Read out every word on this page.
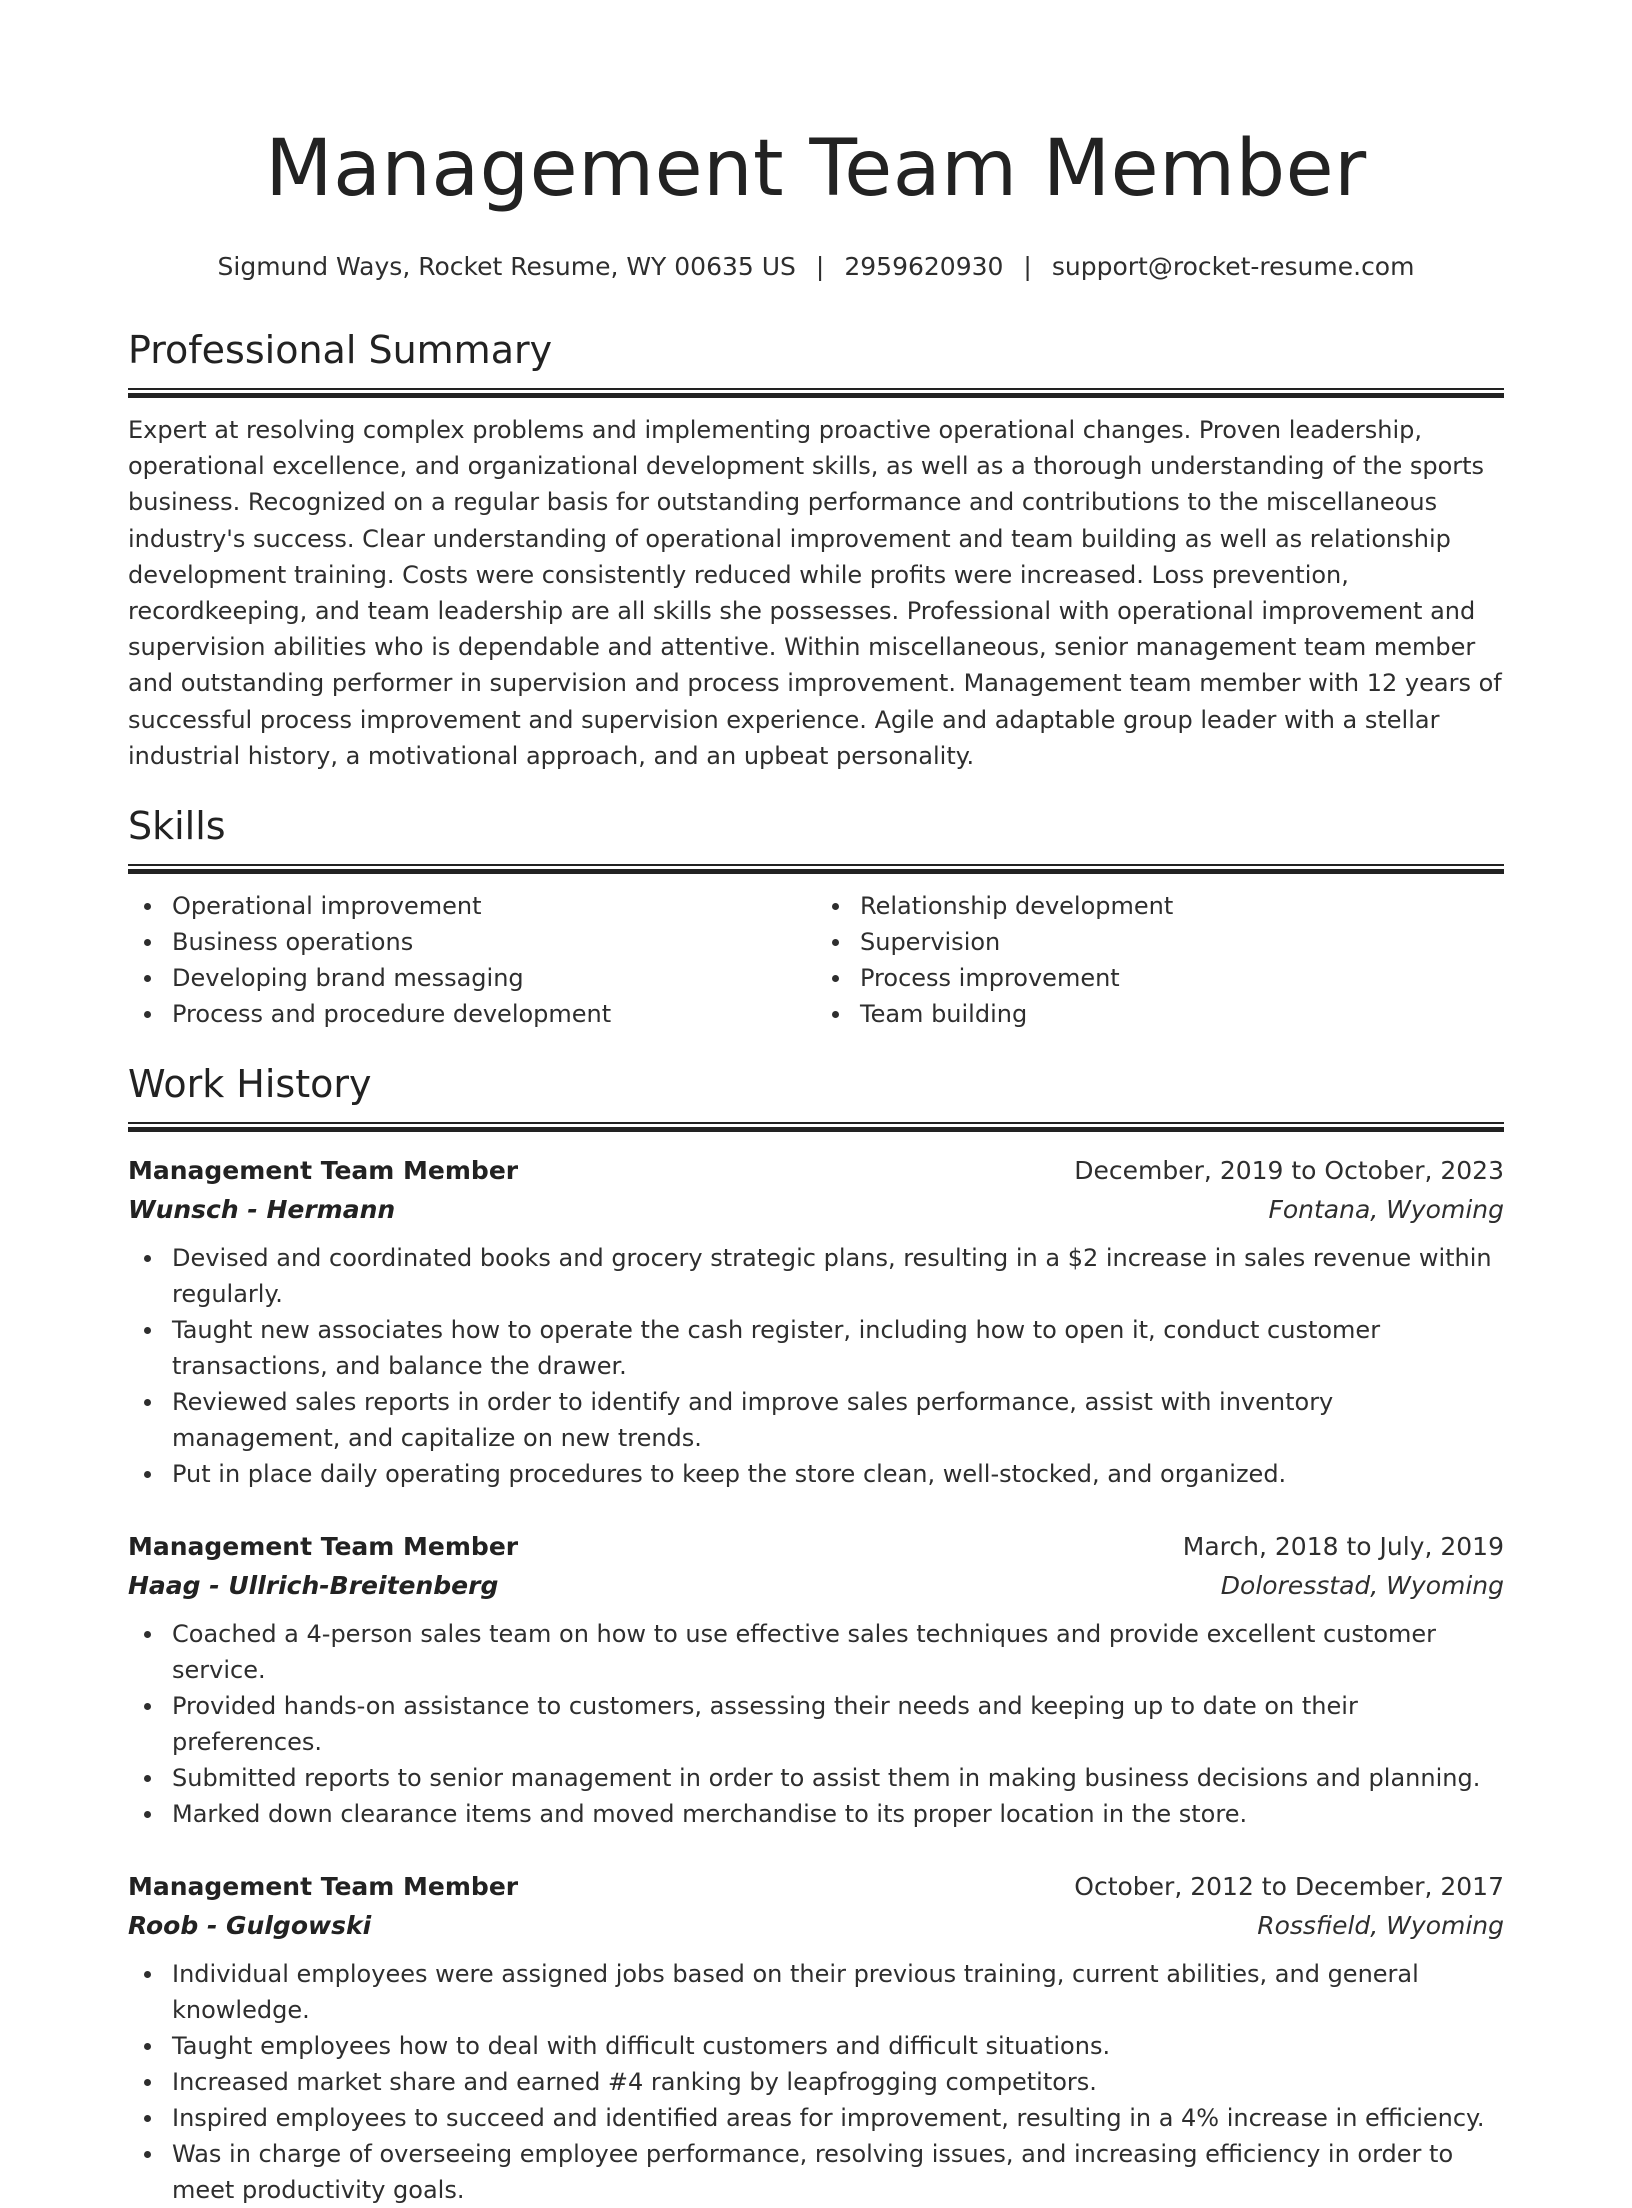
Management Team Member
Sigmund Ways, Rocket Resume, WY 00635 US | 2959620930 | support@rocket-resume.com
Professional Summary

Expert at resolving complex problems and implementing proactive operational changes. Proven leadership, operational excellence, and organizational development skills, as well as a thorough understanding of the sports business. Recognized on a regular basis for outstanding performance and contributions to the miscellaneous industry's success. Clear understanding of operational improvement and team building as well as relationship development training. Costs were consistently reduced while profits were increased. Loss prevention, recordkeeping, and team leadership are all skills she possesses. Professional with operational improvement and supervision abilities who is dependable and attentive. Within miscellaneous, senior management team member and outstanding performer in supervision and process improvement. Management team member with 12 years of successful process improvement and supervision experience. Agile and adaptable group leader with a stellar industrial history, a motivational approach, and an upbeat personality.

Skills
Operational improvement
Business operations
Developing brand messaging
Process and procedure development
Relationship development
Supervision
Process improvement
Team building
Work History
Management Team Member	December, 2019 to October, 2023
Wunsch - Hermann	Fontana, Wyoming
Devised and coordinated books and grocery strategic plans, resulting in a $2 increase in sales revenue within regularly.
Taught new associates how to operate the cash register, including how to open it, conduct customer transactions, and balance the drawer.
Reviewed sales reports in order to identify and improve sales performance, assist with inventory management, and capitalize on new trends.
Put in place daily operating procedures to keep the store clean, well-stocked, and organized.
Management Team Member	March, 2018 to July, 2019
Haag - Ullrich-Breitenberg	Doloresstad, Wyoming
Coached a 4-person sales team on how to use effective sales techniques and provide excellent customer service.
Provided hands-on assistance to customers, assessing their needs and keeping up to date on their preferences.
Submitted reports to senior management in order to assist them in making business decisions and planning.
Marked down clearance items and moved merchandise to its proper location in the store.
Management Team Member	October, 2012 to December, 2017
Roob - Gulgowski	Rossfield, Wyoming
Individual employees were assigned jobs based on their previous training, current abilities, and general knowledge.
Taught employees how to deal with difficult customers and difficult situations.
Increased market share and earned #4 ranking by leapfrogging competitors.
Inspired employees to succeed and identified areas for improvement, resulting in a 4% increase in efficiency.
Was in charge of overseeing employee performance, resolving issues, and increasing efficiency in order to meet productivity goals.
